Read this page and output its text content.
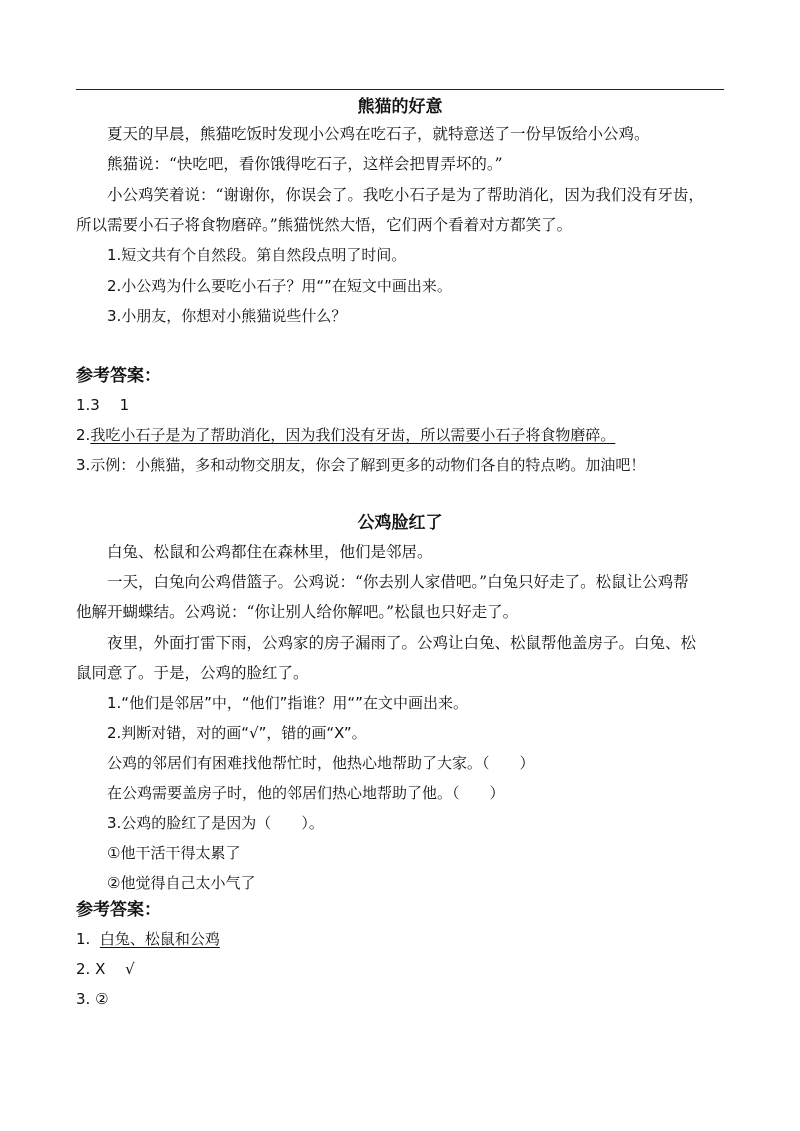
熊猫的好意
夏天的早晨，熊猫吃饭时发现小公鸡在吃石子，就特意送了一份早饭给小公鸡。
熊猫说：“快吃吧，看你饿得吃石子，这样会把胃弄坏的。”
小公鸡笑着说：“谢谢你，你误会了。我吃小石子是为了帮助消化，因为我们没有牙齿，
所以需要小石子将食物磨碎。”熊猫恍然大悟，它们两个看着对方都笑了。
1.短文共有个自然段。第自然段点明了时间。
2.小公鸡为什么要吃小石子？用“”在短文中画出来。
3.小朋友，你想对小熊猫说些什么？
参考答案：
1.3　 1
2.我吃小石子是为了帮助消化，因为我们没有牙齿，所以需要小石子将食物磨碎。
3.示例：小熊猫，多和动物交朋友，你会了解到更多的动物们各自的特点哟。加油吧！
公鸡脸红了
白兔、松鼠和公鸡都住在森林里，他们是邻居。
一天，白兔向公鸡借篮子。公鸡说：“你去别人家借吧。”白兔只好走了。松鼠让公鸡帮
他解开蝴蝶结。公鸡说：“你让别人给你解吧。”松鼠也只好走了。
夜里，外面打雷下雨，公鸡家的房子漏雨了。公鸡让白兔、松鼠帮他盖房子。白兔、松
鼠同意了。于是，公鸡的脸红了。
1.“他们是邻居”中，“他们”指谁？用“”在文中画出来。
2.判断对错，对的画“√”，错的画“X”。
公鸡的邻居们有困难找他帮忙时，他热心地帮助了大家。（　　）
在公鸡需要盖房子时，他的邻居们热心地帮助了他。（　　）
3.公鸡的脸红了是因为（　　）。
①他干活干得太累了
②他觉得自己太小气了
参考答案：
1. 白兔、松鼠和公鸡
2. X　 √
3. ②
